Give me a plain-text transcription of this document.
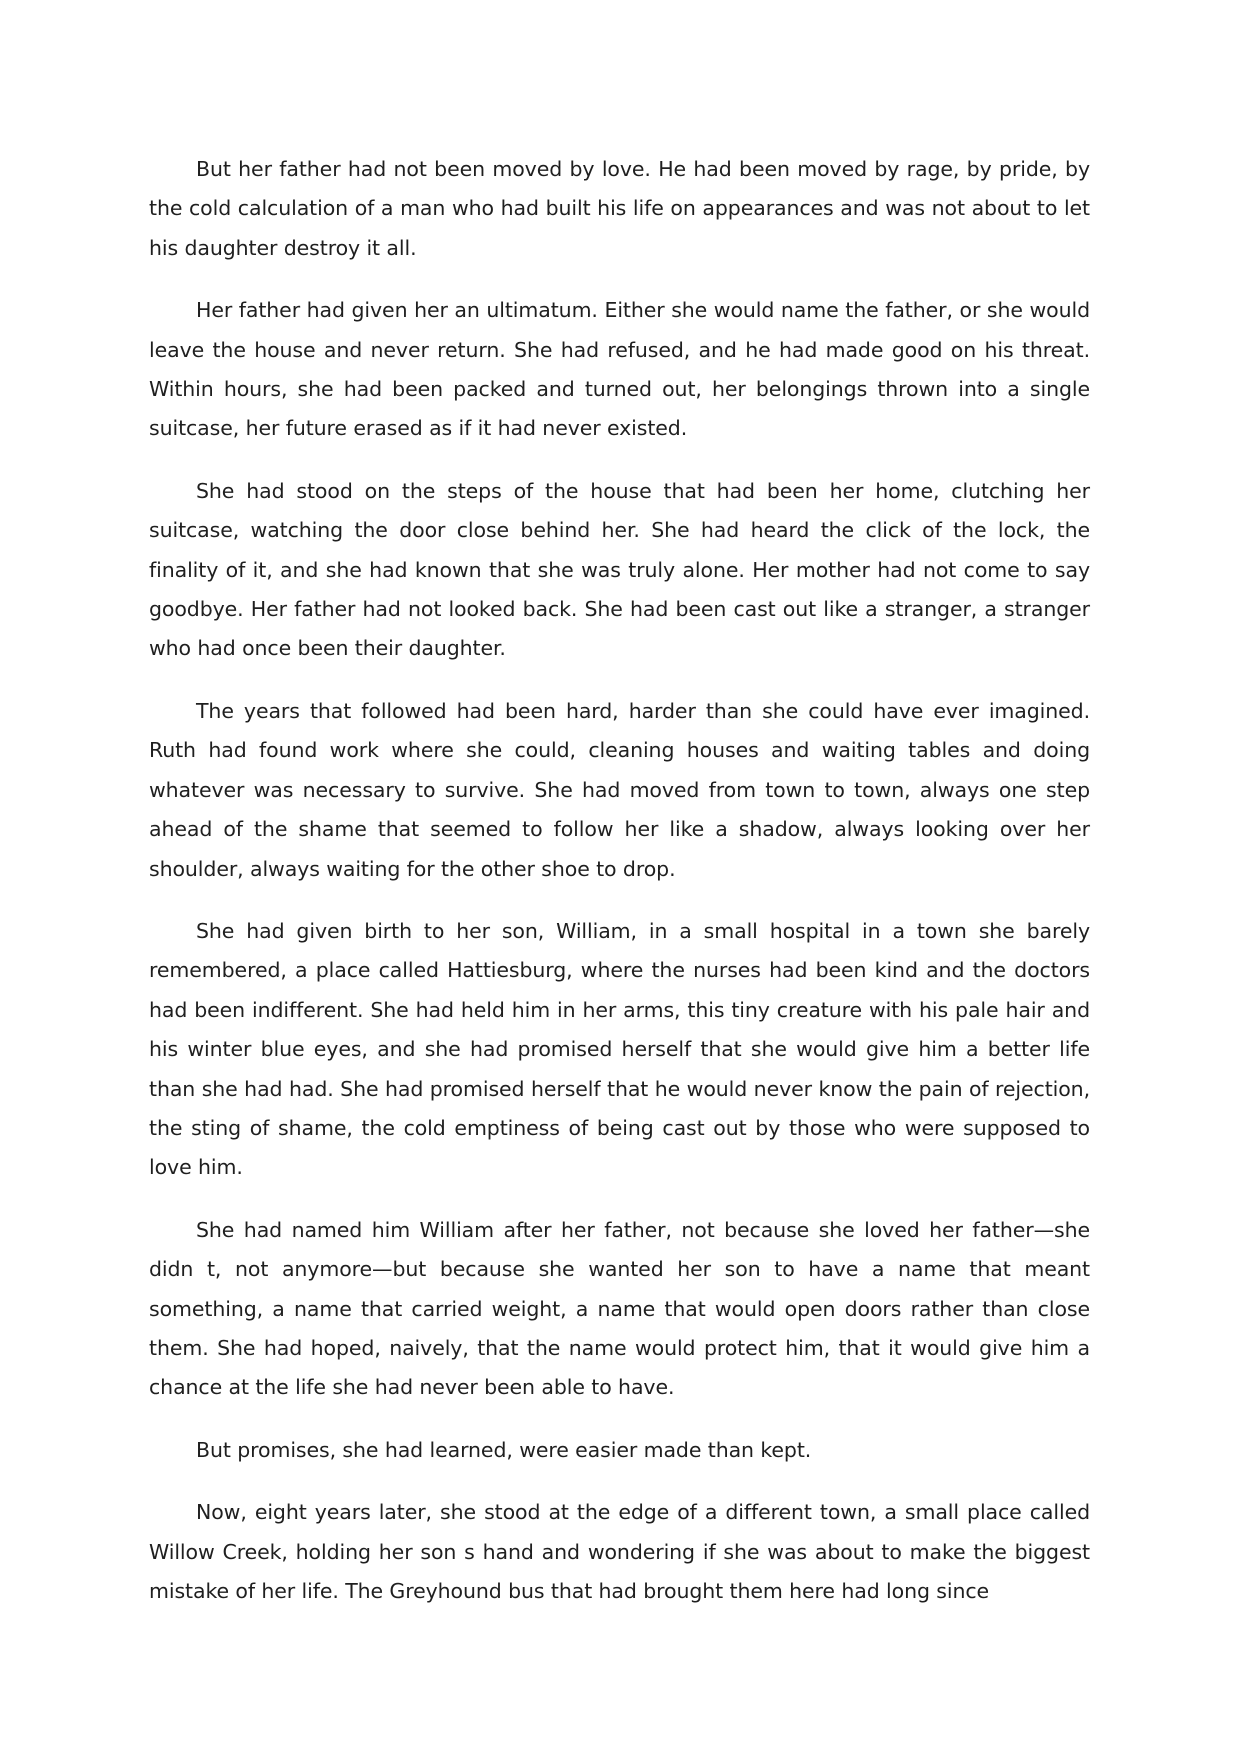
But her father had not been moved by love. He had been moved by rage, by pride, by the cold calculation of a man who had built his life on appearances and was not about to let his daughter destroy it all.

Her father had given her an ultimatum. Either she would name the father, or she would leave the house and never return. She had refused, and he had made good on his threat. Within hours, she had been packed and turned out, her belongings thrown into a single suitcase, her future erased as if it had never existed.

She had stood on the steps of the house that had been her home, clutching her suitcase, watching the door close behind her. She had heard the click of the lock, the finality of it, and she had known that she was truly alone. Her mother had not come to say goodbye. Her father had not looked back. She had been cast out like a stranger, a stranger who had once been their daughter.

The years that followed had been hard, harder than she could have ever imagined. Ruth had found work where she could, cleaning houses and waiting tables and doing whatever was necessary to survive. She had moved from town to town, always one step ahead of the shame that seemed to follow her like a shadow, always looking over her shoulder, always waiting for the other shoe to drop.

She had given birth to her son, William, in a small hospital in a town she barely remembered, a place called Hattiesburg, where the nurses had been kind and the doctors had been indifferent. She had held him in her arms, this tiny creature with his pale hair and his winter blue eyes, and she had promised herself that she would give him a better life than she had had. She had promised herself that he would never know the pain of rejection, the sting of shame, the cold emptiness of being cast out by those who were supposed to love him.

She had named him William after her father, not because she loved her father—she didn t, not anymore—but because she wanted her son to have a name that meant something, a name that carried weight, a name that would open doors rather than close them. She had hoped, naively, that the name would protect him, that it would give him a chance at the life she had never been able to have.

But promises, she had learned, were easier made than kept.

Now, eight years later, she stood at the edge of a different town, a small place called Willow Creek, holding her son s hand and wondering if she was about to make the biggest mistake of her life. The Greyhound bus that had brought them here had long since
